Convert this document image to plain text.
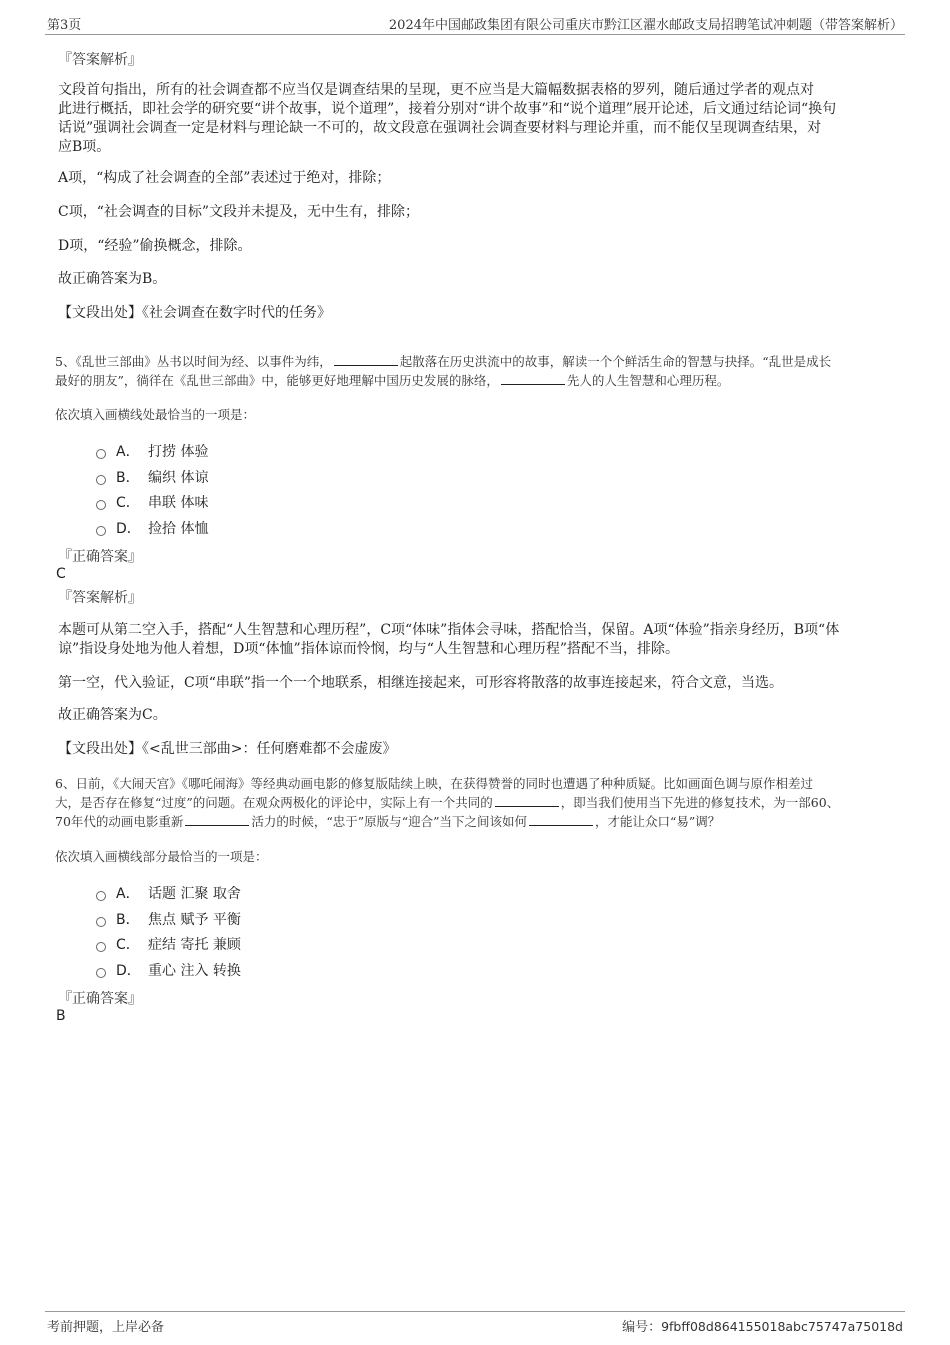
第3页	2024年中国邮政集团有限公司重庆市黔江区濯水邮政支局招聘笔试冲刺题（带答案解析）
『答案解析』
文段首句指出，所有的社会调查都不应当仅是调查结果的呈现，更不应当是大篇幅数据表格的罗列，随后通过学者的观点对
此进行概括，即社会学的研究要“讲个故事，说个道理”，接着分别对“讲个故事”和“说个道理”展开论述，后文通过结论词“换句
话说”强调社会调查一定是材料与理论缺一不可的，故文段意在强调社会调查要材料与理论并重，而不能仅呈现调查结果，对
应B项。
A项，“构成了社会调查的全部”表述过于绝对，排除；
C项，“社会调查的目标”文段并未提及，无中生有，排除；
D项，“经验”偷换概念，排除。
故正确答案为B。
【文段出处】《社会调查在数字时代的任务》
5、《乱世三部曲》丛书以时间为经、以事件为纬，	起散落在历史洪流中的故事，解读一个个鲜活生命的智慧与抉择。“乱世是成长
最好的朋友”，徜徉在《乱世三部曲》中，能够更好地理解中国历史发展的脉络，	先人的人生智慧和心理历程。
依次填入画横线处最恰当的一项是：
A． 打捞 体验
B． 编织 体谅
C． 串联 体味
D． 捡拾 体恤
『正确答案』
C
『答案解析』
本题可从第二空入手，搭配“人生智慧和心理历程”，C项“体味”指体会寻味，搭配恰当，保留。A项“体验”指亲身经历，B项“体
谅”指设身处地为他人着想，D项“体恤”指体谅而怜悯，均与“人生智慧和心理历程”搭配不当，排除。
第一空，代入验证，C项“串联”指一个一个地联系，相继连接起来，可形容将散落的故事连接起来，符合文意，当选。
故正确答案为C。
【文段出处】《<乱世三部曲>：任何磨难都不会虚废》
6、日前，《大闹天宫》《哪吒闹海》等经典动画电影的修复版陆续上映，在获得赞誉的同时也遭遇了种种质疑。比如画面色调与原作相差过
大，是否存在修复“过度”的问题。在观众两极化的评论中，实际上有一个共同的	，即当我们使用当下先进的修复技术，为一部60、
70年代的动画电影重新	活力的时候，“忠于”原版与“迎合”当下之间该如何	，才能让众口“易”调？
依次填入画横线部分最恰当的一项是：
A． 话题 汇聚 取舍
B． 焦点 赋予 平衡
C． 症结 寄托 兼顾
D． 重心 注入 转换
『正确答案』
B
考前押题，上岸必备	编号：9fbff08d864155018abc75747a75018d
